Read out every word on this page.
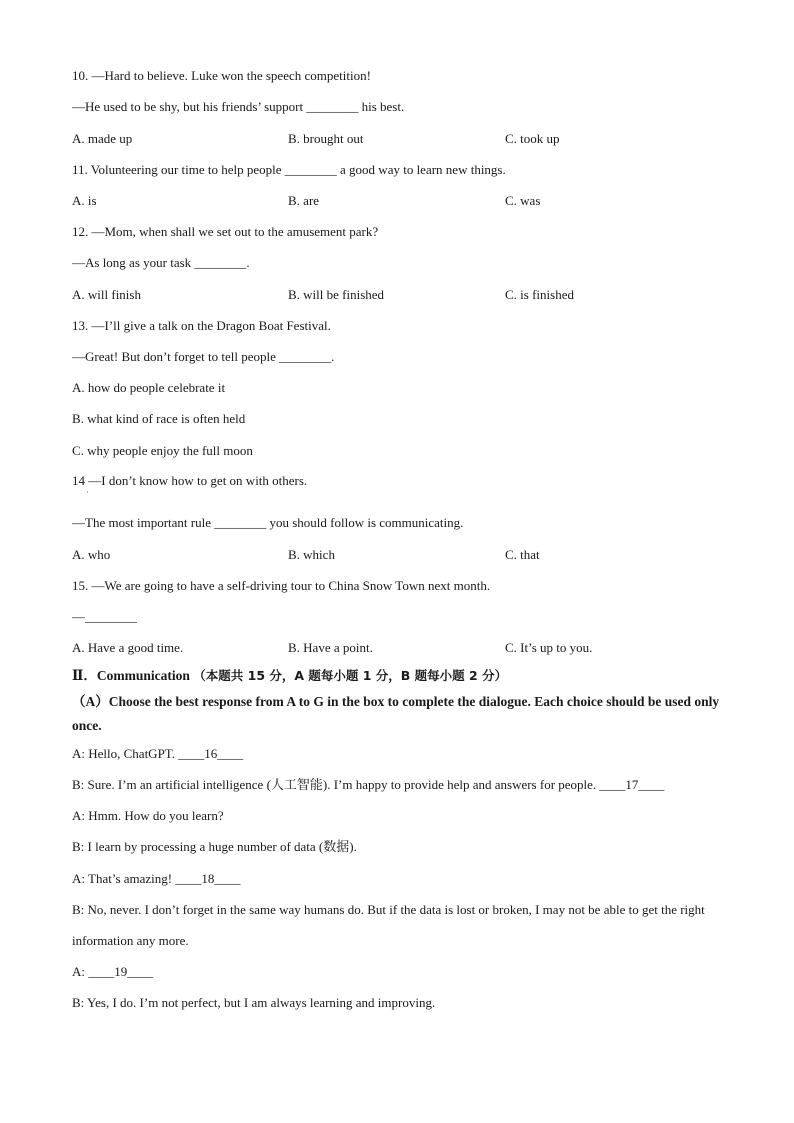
10. —Hard to believe. Luke won the speech competition!
—He used to be shy, but his friends’ support ________ his best.
A. made up	B. brought out	C. took up
11. Volunteering our time to help people ________ a good way to learn new things.
A. is	B. are	C. was
12. —Mom, when shall we set out to the amusement park?
—As long as your task ________.
A. will finish	B. will be finished	C. is finished
13. —I’ll give a talk on the Dragon Boat Festival.
—Great! But don’t forget to tell people ________.
A. how do people celebrate it
B. what kind of race is often held
C. why people enjoy the full moon
14 —I don’t know how to get on with others.
·
—The most important rule ________ you should follow is communicating.
A. who	B. which	C. that
15. —We are going to have a self-driving tour to China Snow Town next month.
—________
A. Have a good time.	B. Have a point.	C. It’s up to you.
Ⅱ．Communication （本题共 15 分，A 题每小题 1 分，B 题每小题 2 分）
（A）Choose the best response from A to G in the box to complete the dialogue. Each choice should be used only once.
A: Hello, ChatGPT. ____16____
B: Sure. I’m an artificial intelligence (人工智能). I’m happy to provide help and answers for people. ____17____
A: Hmm. How do you learn?
B: I learn by processing a huge number of data (数据).
A: That’s amazing! ____18____
B: No, never. I don’t forget in the same way humans do. But if the data is lost or broken, I may not be able to get the right information any more.
A: ____19____
B: Yes, I do. I’m not perfect, but I am always learning and improving.
